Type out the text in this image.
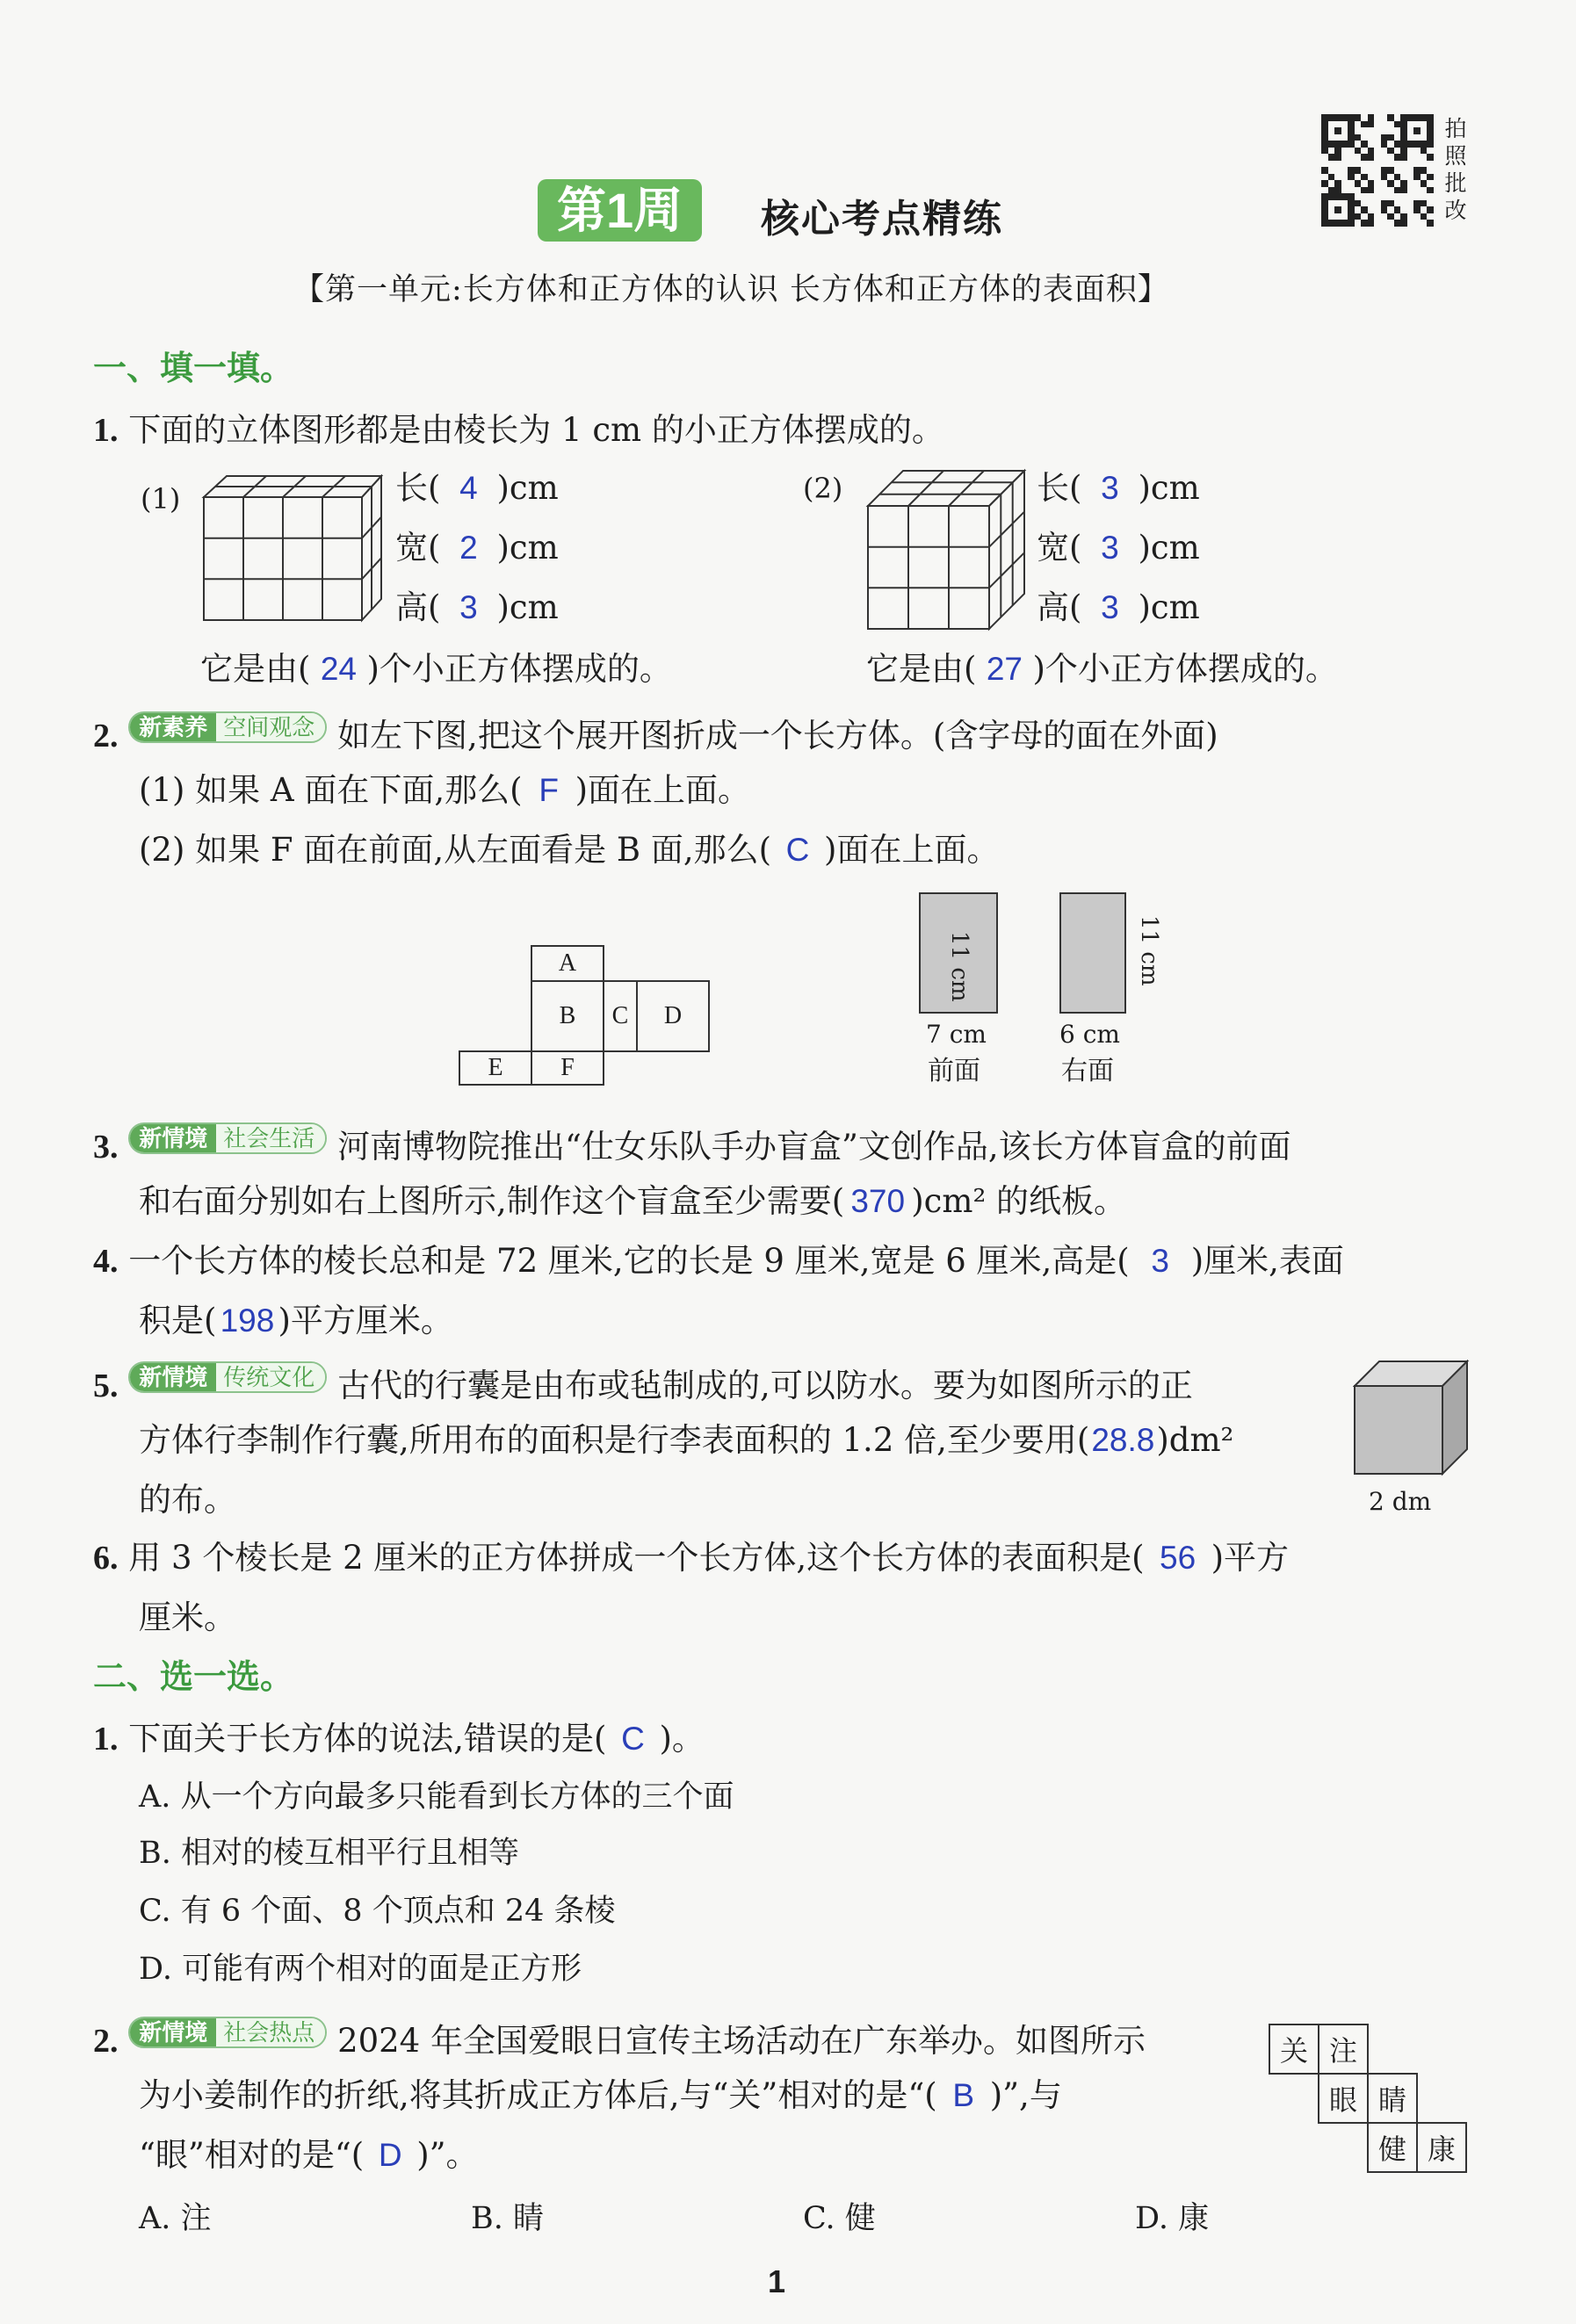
第1周	核心考点精练
拍照批改
【第一单元:长方体和正方体的认识 长方体和正方体的表面积】
一、填一填。
1. 下面的立体图形都是由棱长为 1 cm 的小正方体摆成的。
(1)	长( 4 )cm
宽( 2 )cm
高( 3 )cm
它是由( 24 )个小正方体摆成的。
(2)	长( 3 )cm
宽( 3 )cm
高( 3 )cm
它是由( 27 )个小正方体摆成的。
2. 新素养 空间观念 如左下图,把这个展开图折成一个长方体。(含字母的面在外面)
(1) 如果 A 面在下面,那么( F )面在上面。
(2) 如果 F 面在前面,从左面看是 B 面,那么( C )面在上面。
A
B	C	D
E	F
11 cm
7 cm
前面
11 cm
6 cm
右面
3. 新情境 社会生活 河南博物院推出“仕女乐队手办盲盒”文创作品,该长方体盲盒的前面
和右面分别如右上图所示,制作这个盲盒至少需要( 370 )cm² 的纸板。
4. 一个长方体的棱长总和是 72 厘米,它的长是 9 厘米,宽是 6 厘米,高是( 3 )厘米,表面
积是( 198 )平方厘米。
5. 新情境 传统文化 古代的行囊是由布或毡制成的,可以防水。要为如图所示的正
方体行李制作行囊,所用布的面积是行李表面积的 1.2 倍,至少要用(28.8)dm²
的布。	2 dm
6. 用 3 个棱长是 2 厘米的正方体拼成一个长方体,这个长方体的表面积是( 56 )平方
厘米。
二、选一选。
1. 下面关于长方体的说法,错误的是( C )。
A. 从一个方向最多只能看到长方体的三个面
B. 相对的棱互相平行且相等
C. 有 6 个面、8 个顶点和 24 条棱
D. 可能有两个相对的面是正方形
2. 新情境 社会热点 2024 年全国爱眼日宣传主场活动在广东举办。如图所示
为小姜制作的折纸,将其折成正方体后,与“关”相对的是“( B )”,与
“眼”相对的是“( D )”。
关 注
眼 睛
健 康
A. 注	B. 睛	C. 健	D. 康
1
